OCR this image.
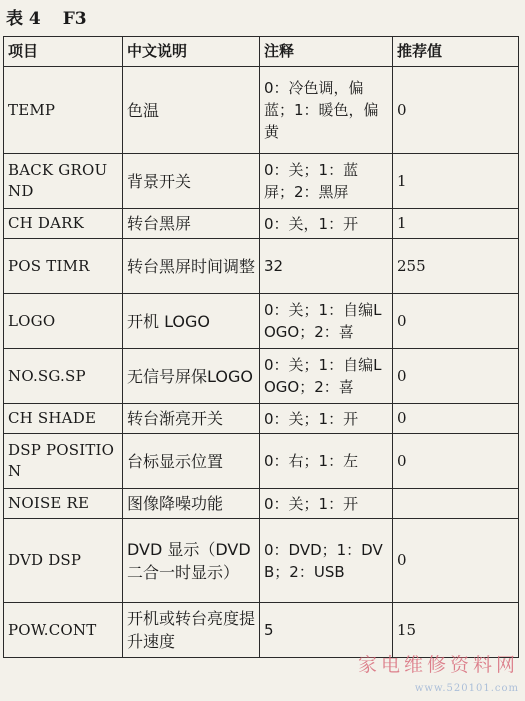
表 4 F3
项目	中文说明	注释	推荐值
TEMP	色温	0：冷色调，偏蓝；1：暖色，偏黄	0
BACK GROUND	背景开关	0：关；1：蓝屏；2：黑屏	1
CH DARK	转台黑屏	0：关，1：开	1
POS TIMR	转台黑屏时间调整	32	255
LOGO	开机 LOGO	0：关；1：自编LOGO；2：喜	0
NO.SG.SP	无信号屏保LOGO	0：关；1：自编LOGO；2：喜	0
CH SHADE	转台渐亮开关	0：关；1：开	0
DSP POSITION	台标显示位置	0：右；1：左	0
NOISE RE	图像降噪功能	0：关；1：开	
DVD DSP	DVD 显示（DVD 二合一时显示）	0：DVD；1：DVB；2：USB	0
POW.CONT	开机或转台亮度提升速度	5	15
家电维修资料网
www.520101.com
